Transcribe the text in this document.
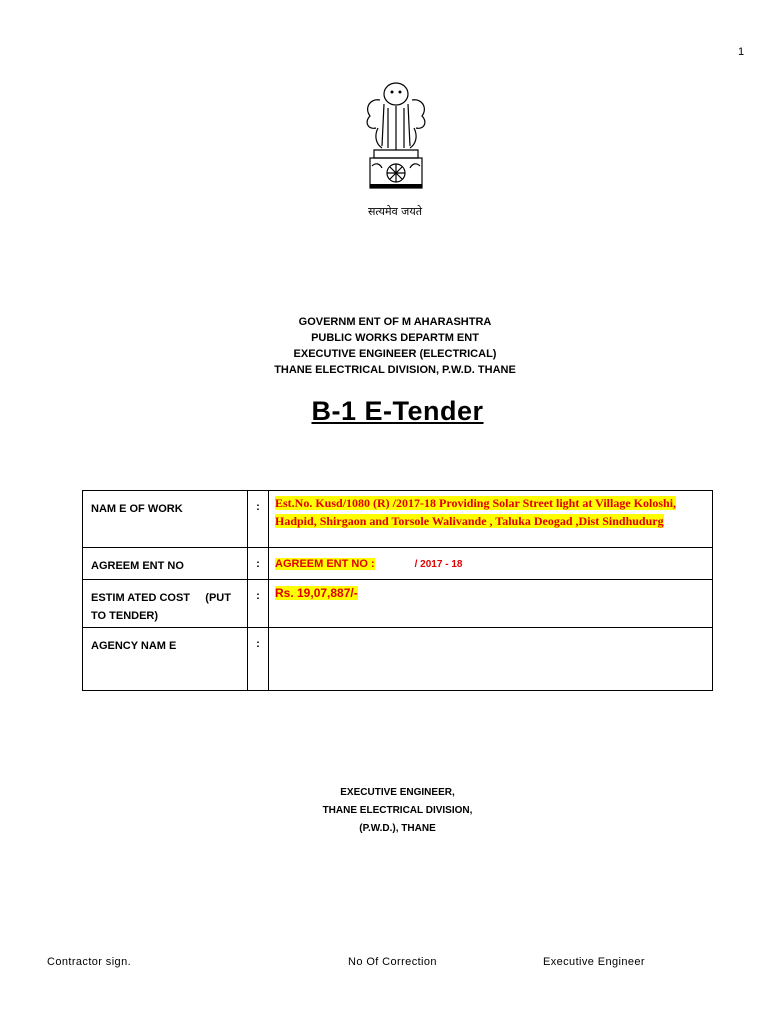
1
सत्यमेव जयते
GOVERNM ENT OF M AHARASHTRA
PUBLIC WORKS DEPARTM ENT
EXECUTIVE ENGINEER (ELECTRICAL)
THANE ELECTRICAL DIVISION, P.W.D. THANE
B-1 E-Tender
NAM E OF WORK	:	Est.No. Kusd/1080 (R) /2017-18 Providing Solar Street light at Village Koloshi,
Hadpid, Shirgaon and Torsole Walivande , Taluka Deogad ,Dist Sindhudurg
AGREEM ENT NO	:	AGREEM ENT NO : / 2017 - 18
ESTIM ATED COST     (PUT
TO TENDER)	:	Rs. 19,07,887/-
AGENCY NAM E	:	
EXECUTIVE ENGINEER,
THANE ELECTRICAL DIVISION,
(P.W.D.), THANE
Contractor sign.	No Of Correction	Executive Engineer
